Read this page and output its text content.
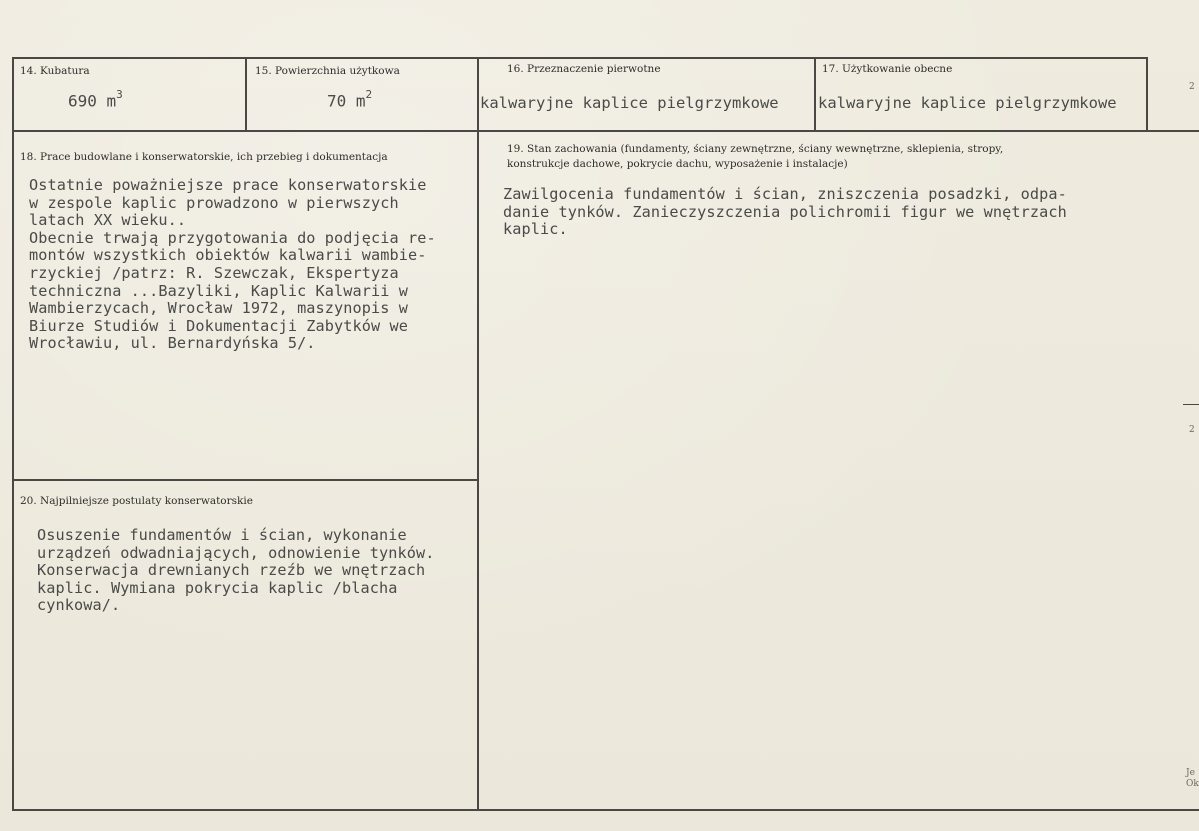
14. Kubatura
690 $m^3$
15. Powierzchnia użytkowa
70 $m^2$
16. Przeznaczenie pierwotne
kalwaryjne kaplice pielgrzymkowe
17. Użytkowanie obecne
kalwaryjne kaplice pielgrzymkowe
18. Prace budowlane i konserwatorskie, ich przebieg i dokumentacja
Ostatnie poważniejsze prace konserwatorskie
w zespole kaplic prowadzono w pierwszych
latach XX wieku..
Obecnie trwają przygotowania do podjęcia re-
montów wszystkich obiektów kalwarii wambie-
rzyckiej /patrz: R. Szewczak, Ekspertyza
techniczna ...Bazyliki, Kaplic Kalwarii w
Wambierzycach, Wrocław 1972, maszynopis w
Biurze Studiów i Dokumentacji Zabytków we
Wrocławiu, ul. Bernardyńska 5/.
19. Stan zachowania (fundamenty, ściany zewnętrzne, ściany wewnętrzne, sklepienia, stropy,
konstrukcje dachowe, pokrycie dachu, wyposażenie i instalacje)
Zawilgocenia fundamentów i ścian, zniszczenia posadzki, odpa-
danie tynków. Zanieczyszczenia polichromii figur we wnętrzach
kaplic.
20. Najpilniejsze postulaty konserwatorskie
Osuszenie fundamentów i ścian, wykonanie
urządzeń odwadniających, odnowienie tynków.
Konserwacja drewnianych rzeźb we wnętrzach
kaplic. Wymiana pokrycia kaplic /blacha
cynkowa/.
2
2
Je
Ok
